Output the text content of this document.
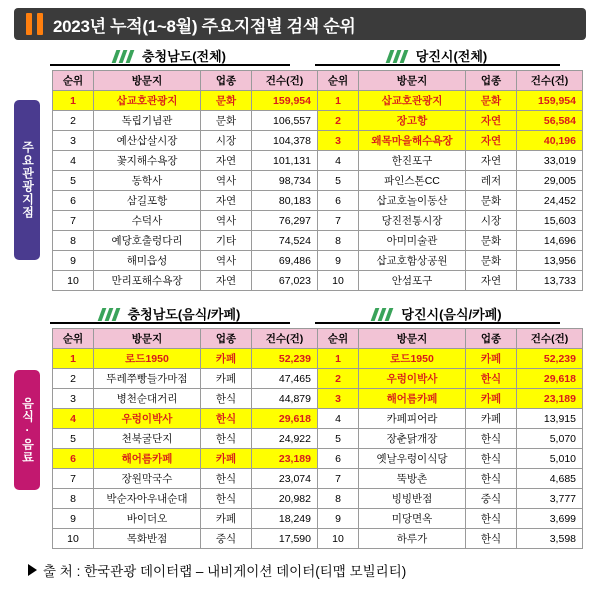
2023년 누적(1~8월) 주요지점별 검색 순위
주요관광지점
음식·음료
충청남도(전체)	당진시(전체)
충청남도(음식/카페)	당진시(음식/카페)
순위	방문지	업종	건수(건)
1	삽교호관광지	문화	159,954
2	독립기념관	문화	106,557
3	예산삽살시장	시장	104,378
4	꽃지해수욕장	자연	101,131
5	동학사	역사	98,734
6	삼길포항	자연	80,183
7	수덕사	역사	76,297
8	예당호출렁다리	기타	74,524
9	해미읍성	역사	69,486
10	만리포해수욕장	자연	67,023
순위	방문지	업종	건수(건)
1	삽교호관광지	문화	159,954
2	장고항	자연	56,584
3	왜목마을해수욕장	자연	40,196
4	한진포구	자연	33,019
5	파인스톤CC	레저	29,005
6	삽교호놀이동산	문화	24,452
7	당진전통시장	시장	15,603
8	아미미술관	문화	14,696
9	삽교호함상공원	문화	13,956
10	안섬포구	자연	13,733
순위	방문지	업종	건수(건)
1	로드1950	카페	52,239
2	뚜레쭈빵들가마점	카페	47,465
3	병천순대거리	한식	44,879
4	우렁이박사	한식	29,618
5	천북굴단지	한식	24,922
6	해어름카페	카페	23,189
7	장원막국수	한식	23,074
8	박순자아우내순대	한식	20,982
9	바이더오	카페	18,249
10	목화반점	중식	17,590
순위	방문지	업종	건수(건)
1	로드1950	카페	52,239
2	우렁이박사	한식	29,618
3	해어름카페	카페	23,189
4	카페피어라	카페	13,915
5	장춘닭개장	한식	5,070
6	옛날우렁이식당	한식	5,010
7	뚝방촌	한식	4,685
8	빙빙반점	중식	3,777
9	미당면옥	한식	3,699
10	하루가	한식	3,598
출 처 : 한국관광 데이터랩 – 내비게이션 데이터(티맵 모빌리티)
